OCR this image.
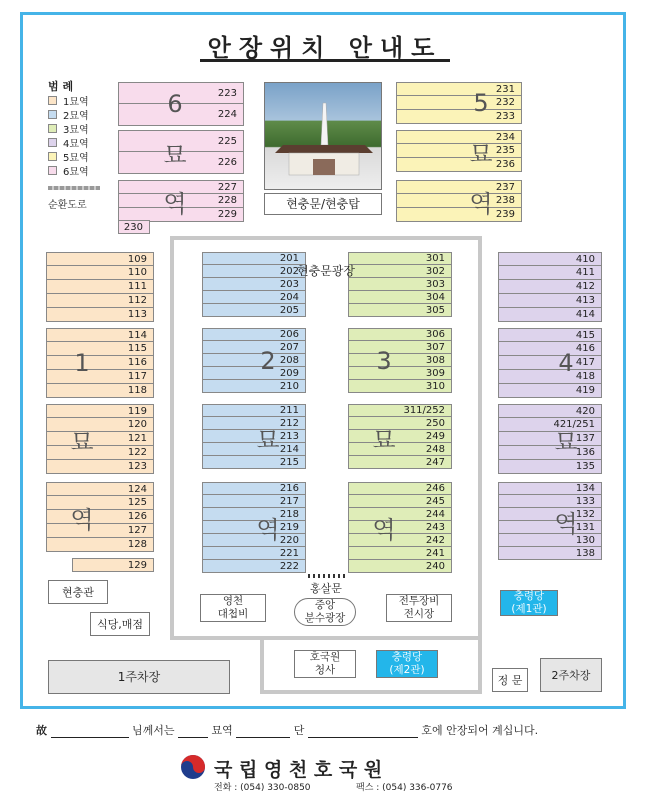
안장위치 안내도
범 례
1묘역
2묘역
3묘역
4묘역
5묘역
6묘역
순환도로	현충문/현충탑
223
224
225
226
227
228
229
230
6
묘
역
231
232
233
234
235
236
237
238
239
5
묘
역
109
110
111
112
113
114
115
116
117
118
119
120
121
122
123
124
125
126
127
128
129
1
묘
역
201
202
203
204
205
206
207
208
209
210
211
212
213
214
215
216
217
218
219
220
221
222
2
묘
역
301
302
303
304
305
306
307
308
309
310
311/252
250
249
248
247
246
245
244
243
242
241
240
3
묘
역
410
411
412
413
414
415
416
417
418
419
420
421/251
137
136
135
134
133
132
131
130
138
4
묘
역
현충문광장
홍살문
영천
대첩비
중앙
분수광장
전투장비
전시장
충령당
(제1관)
현충관
식당,매점
호국원
청사
충령당
(제2관)
1주차장	정 문	2주차장
故	님께서는	묘역	단	호에 안장되어 계십니다.
국 립 영 천 호 국 원
전화 : (054) 330-0850	팩스 : (054) 336-0776
